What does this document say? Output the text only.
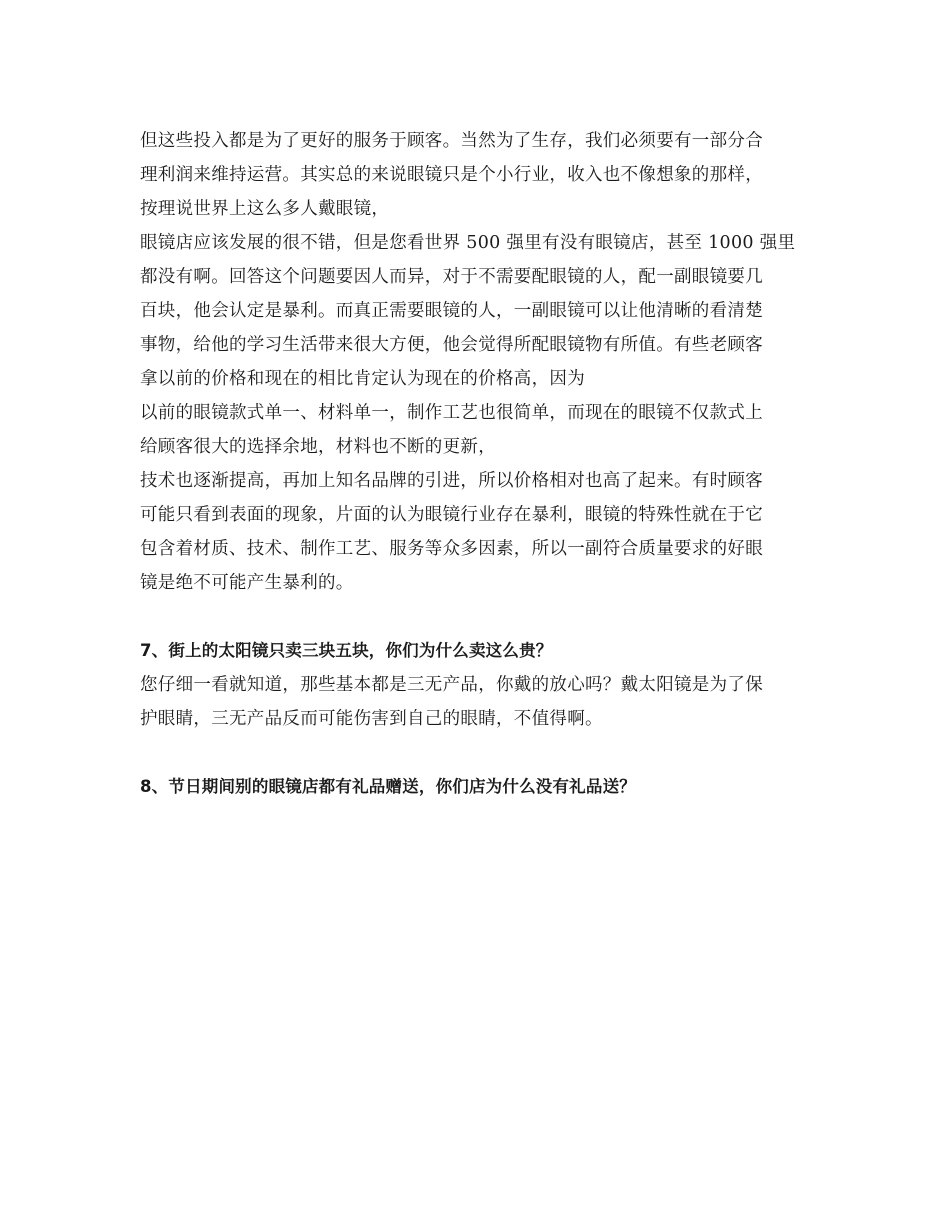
但这些投入都是为了更好的服务于顾客。当然为了生存，我们必须要有一部分合

理利润来维持运营。其实总的来说眼镜只是个小行业，收入也不像想象的那样，

按理说世界上这么多人戴眼镜，

眼镜店应该发展的很不错，但是您看世界 500 强里有没有眼镜店，甚至 1000 强里

都没有啊。回答这个问题要因人而异，对于不需要配眼镜的人，配一副眼镜要几

百块，他会认定是暴利。而真正需要眼镜的人，一副眼镜可以让他清晰的看清楚

事物，给他的学习生活带来很大方便，他会觉得所配眼镜物有所值。有些老顾客

拿以前的价格和现在的相比肯定认为现在的价格高，因为

以前的眼镜款式单一、材料单一，制作工艺也很简单，而现在的眼镜不仅款式上

给顾客很大的选择余地，材料也不断的更新，

技术也逐渐提高，再加上知名品牌的引进，所以价格相对也高了起来。有时顾客

可能只看到表面的现象，片面的认为眼镜行业存在暴利，眼镜的特殊性就在于它

包含着材质、技术、制作工艺、服务等众多因素，所以一副符合质量要求的好眼

镜是绝不可能产生暴利的。

7、街上的太阳镜只卖三块五块，你们为什么卖这么贵？

您仔细一看就知道，那些基本都是三无产品，你戴的放心吗？戴太阳镜是为了保

护眼睛，三无产品反而可能伤害到自己的眼睛，不值得啊。

8、节日期间别的眼镜店都有礼品赠送，你们店为什么没有礼品送？
